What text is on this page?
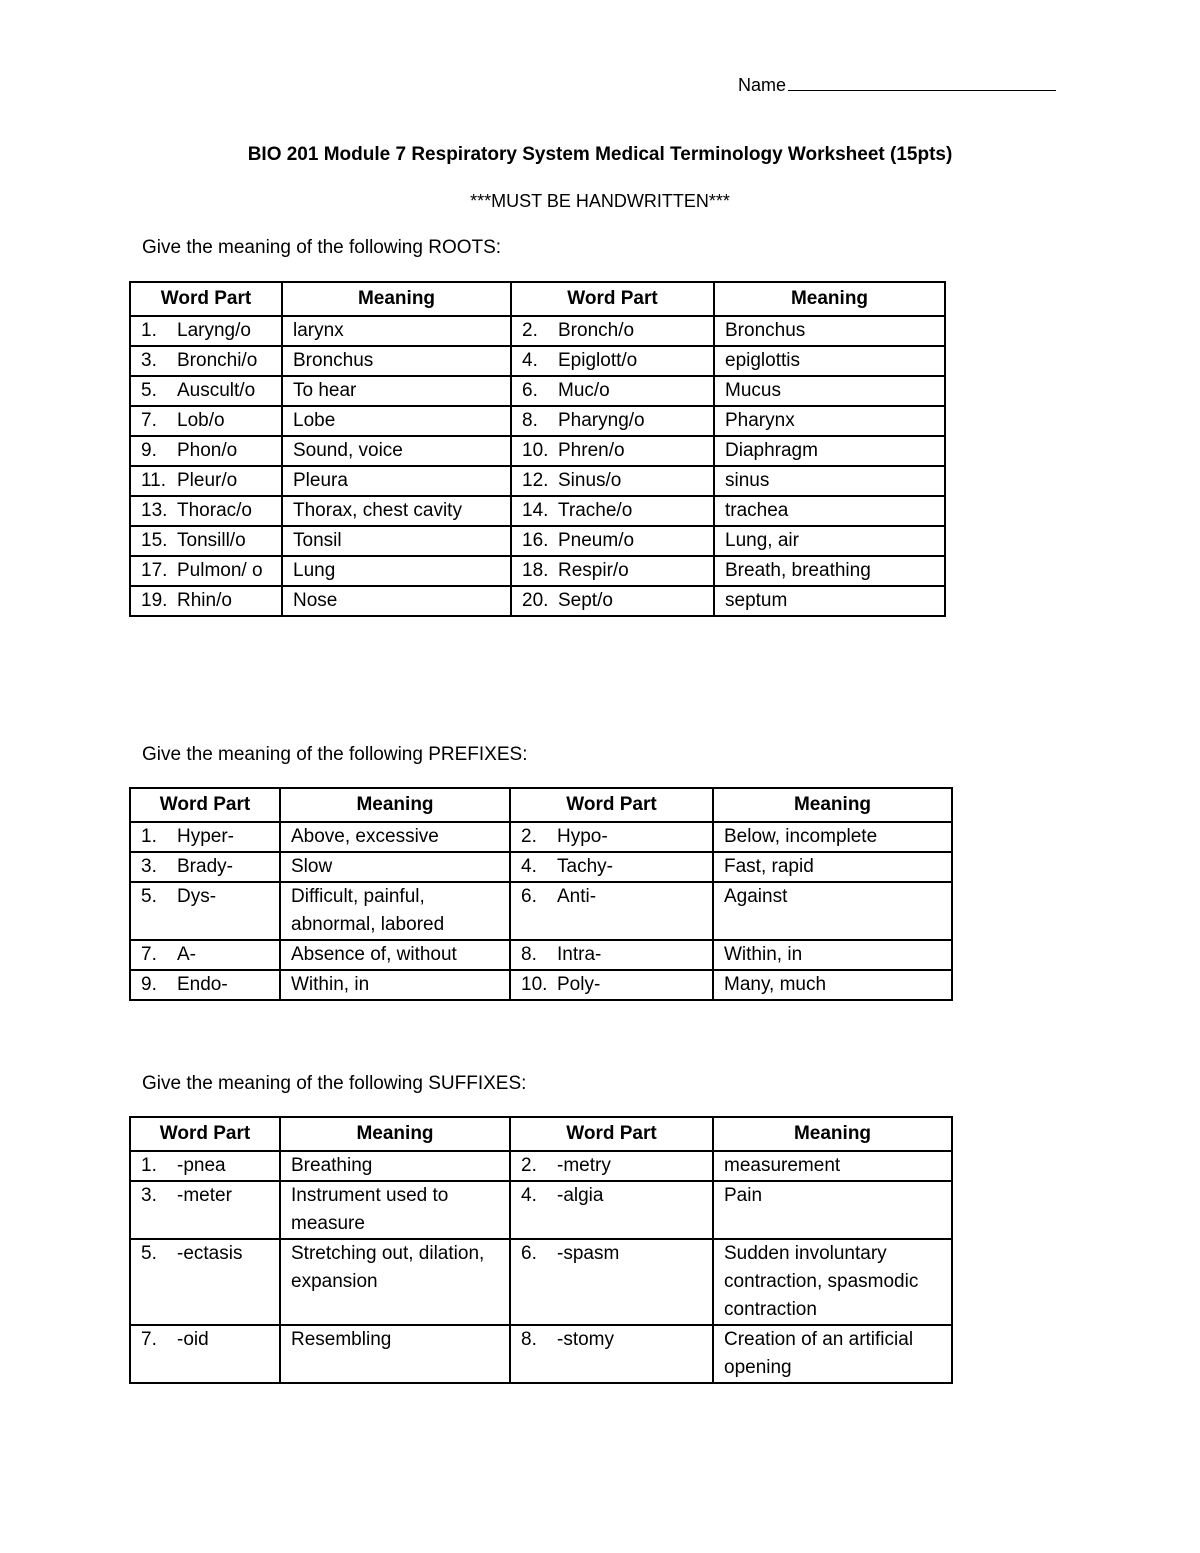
Name
BIO 201 Module 7 Respiratory System Medical Terminology Worksheet (15pts)
***MUST BE HANDWRITTEN***
Give the meaning of the following ROOTS:
Word Part	Meaning	Word Part	Meaning
1. Laryng/o	larynx	2. Bronch/o	Bronchus
3. Bronchi/o	Bronchus	4. Epiglott/o	epiglottis
5. Auscult/o	To hear	6. Muc/o	Mucus
7. Lob/o	Lobe	8. Pharyng/o	Pharynx
9. Phon/o	Sound, voice	10. Phren/o	Diaphragm
11. Pleur/o	Pleura	12. Sinus/o	sinus
13. Thorac/o	Thorax, chest cavity	14. Trache/o	trachea
15. Tonsill/o	Tonsil	16. Pneum/o	Lung, air
17. Pulmon/ o	Lung	18. Respir/o	Breath, breathing
19. Rhin/o	Nose	20. Sept/o	septum
Give the meaning of the following PREFIXES:
Word Part	Meaning	Word Part	Meaning
1. Hyper-	Above, excessive	2. Hypo-	Below, incomplete
3. Brady-	Slow	4. Tachy-	Fast, rapid
5. Dys-	Difficult, painful, abnormal, labored	6. Anti-	Against
7. A-	Absence of, without	8. Intra-	Within, in
9. Endo-	Within, in	10. Poly-	Many, much
Give the meaning of the following SUFFIXES:
Word Part	Meaning	Word Part	Meaning
1. -pnea	Breathing	2. -metry	measurement
3. -meter	Instrument used to measure	4. -algia	Pain
5. -ectasis	Stretching out, dilation, expansion	6. -spasm	Sudden involuntary contraction, spasmodic contraction
7. -oid	Resembling	8. -stomy	Creation of an artificial opening
